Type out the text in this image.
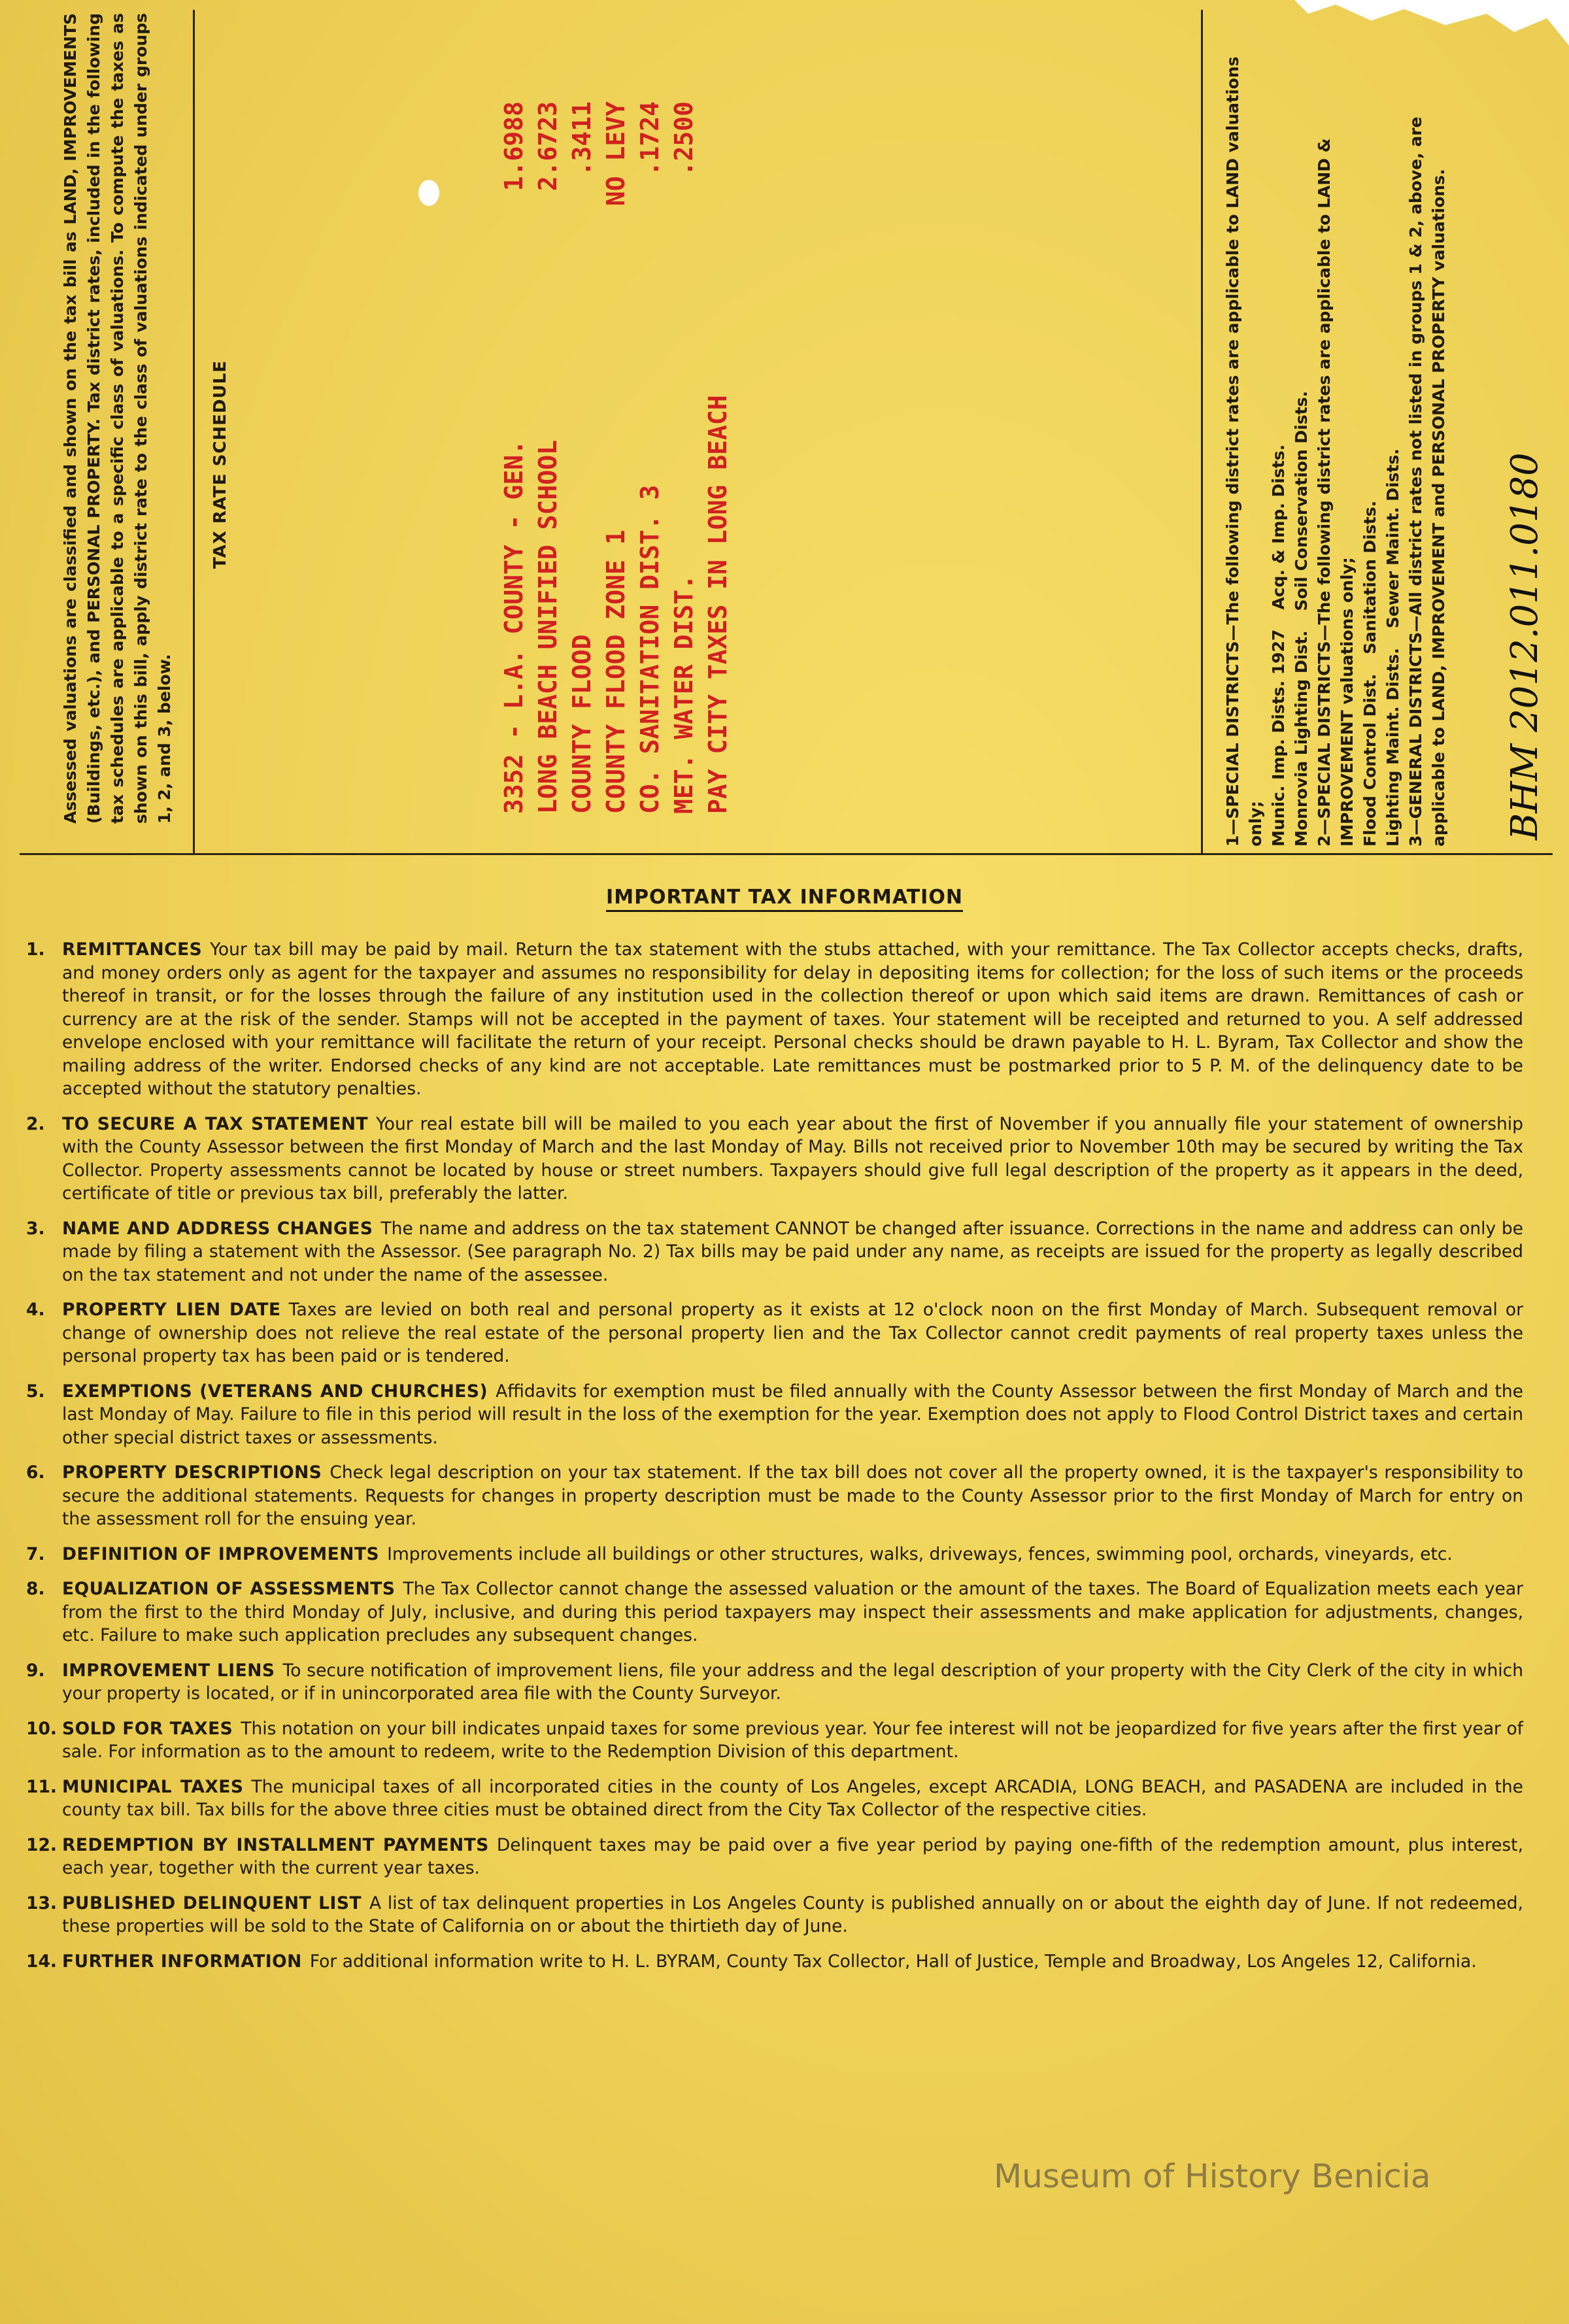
Assessed valuations are classified and shown on the tax bill as LAND, IMPROVEMENTS (Buildings, etc.), and PERSONAL PROPERTY. Tax district rates, included in the following tax schedules are applicable to a specific class of valuations. To compute the taxes as shown on this bill, apply district rate to the class of valuations indicated under groups 1, 2, and 3, below.

TAX RATE SCHEDULE	3352 - L.A. COUNTY - GEN.
1.6988
LONG BEACH UNIFIED SCHOOL
2.6723
COUNTY FLOOD
.3411
COUNTY FLOOD ZONE 1
NO LEVY
CO. SANITATION DIST. 3
.1724
MET. WATER DIST.
.2500
PAY CITY TAXES IN LONG BEACH	1—SPECIAL DISTRICTS—The following district rates are applicable to LAND valuations only; Munic. Imp. Dists. 1927
Acq. & Imp. Dists.
Monrovia Lighting Dist.
Soil Conservation Dists. 2—SPECIAL DISTRICTS—The following district rates are applicable to LAND & IMPROVEMENT valuations only; Flood Control Dist.
Sanitation Dists.
Lighting Maint. Dists.
Sewer Maint. Dists. 3—GENERAL DISTRICTS—All district rates not listed in groups 1 & 2, above, are applicable to LAND, IMPROVEMENT and PERSONAL PROPERTY valuations. BHM 2012.011.0180
IMPORTANT TAX INFORMATION
1. REMITTANCES Your tax bill may be paid by mail. Return the tax statement with the stubs attached, with your remittance. The Tax Collector accepts checks, drafts, and money orders only as agent for the taxpayer and assumes no responsibility for delay in depositing items for collection; for the loss of such items or the proceeds thereof in transit, or for the losses through the failure of any institution used in the collection thereof or upon which said items are drawn. Remittances of cash or currency are at the risk of the sender. Stamps will not be accepted in the payment of taxes. Your statement will be receipted and returned to you. A self addressed envelope enclosed with your remittance will facilitate the return of your receipt. Personal checks should be drawn payable to H. L. Byram, Tax Collector and show the mailing address of the writer. Endorsed checks of any kind are not acceptable. Late remittances must be postmarked prior to 5 P. M. of the delinquency date to be accepted without the statutory penalties.
2. TO SECURE A TAX STATEMENT Your real estate bill will be mailed to you each year about the first of November if you annually file your statement of ownership with the County Assessor between the first Monday of March and the last Monday of May. Bills not received prior to November 10th may be secured by writing the Tax Collector. Property assessments cannot be located by house or street numbers. Taxpayers should give full legal description of the property as it appears in the deed, certificate of title or previous tax bill, preferably the latter.
3. NAME AND ADDRESS CHANGES The name and address on the tax statement CANNOT be changed after issuance. Corrections in the name and address can only be made by filing a statement with the Assessor. (See paragraph No. 2) Tax bills may be paid under any name, as receipts are issued for the property as legally described on the tax statement and not under the name of the assessee.
4. PROPERTY LIEN DATE Taxes are levied on both real and personal property as it exists at 12 o'clock noon on the first Monday of March. Subsequent removal or change of ownership does not relieve the real estate of the personal property lien and the Tax Collector cannot credit payments of real property taxes unless the personal property tax has been paid or is tendered.
5. EXEMPTIONS (VETERANS AND CHURCHES) Affidavits for exemption must be filed annually with the County Assessor between the first Monday of March and the last Monday of May. Failure to file in this period will result in the loss of the exemption for the year. Exemption does not apply to Flood Control District taxes and certain other special district taxes or assessments.
6. PROPERTY DESCRIPTIONS Check legal description on your tax statement. If the tax bill does not cover all the property owned, it is the taxpayer's responsibility to secure the additional statements. Requests for changes in property description must be made to the County Assessor prior to the first Monday of March for entry on the assessment roll for the ensuing year.
7. DEFINITION OF IMPROVEMENTS Improvements include all buildings or other structures, walks, driveways, fences, swimming pool, orchards, vineyards, etc.
8. EQUALIZATION OF ASSESSMENTS The Tax Collector cannot change the assessed valuation or the amount of the taxes. The Board of Equalization meets each year from the first to the third Monday of July, inclusive, and during this period taxpayers may inspect their assessments and make application for adjustments, changes, etc. Failure to make such application precludes any subsequent changes.
9. IMPROVEMENT LIENS To secure notification of improvement liens, file your address and the legal description of your property with the City Clerk of the city in which your property is located, or if in unincorporated area file with the County Surveyor.
10. SOLD FOR TAXES This notation on your bill indicates unpaid taxes for some previous year. Your fee interest will not be jeopardized for five years after the first year of sale. For information as to the amount to redeem, write to the Redemption Division of this department.
11. MUNICIPAL TAXES The municipal taxes of all incorporated cities in the county of Los Angeles, except ARCADIA, LONG BEACH, and PASADENA are included in the county tax bill. Tax bills for the above three cities must be obtained direct from the City Tax Collector of the respective cities.
12. REDEMPTION BY INSTALLMENT PAYMENTS Delinquent taxes may be paid over a five year period by paying one-fifth of the redemption amount, plus interest, each year, together with the current year taxes.
13. PUBLISHED DELINQUENT LIST A list of tax delinquent properties in Los Angeles County is published annually on or about the eighth day of June. If not redeemed, these properties will be sold to the State of California on or about the thirtieth day of June.
14. FURTHER INFORMATION For additional information write to H. L. BYRAM, County Tax Collector, Hall of Justice, Temple and Broadway, Los Angeles 12, California.
Museum of History Benicia
